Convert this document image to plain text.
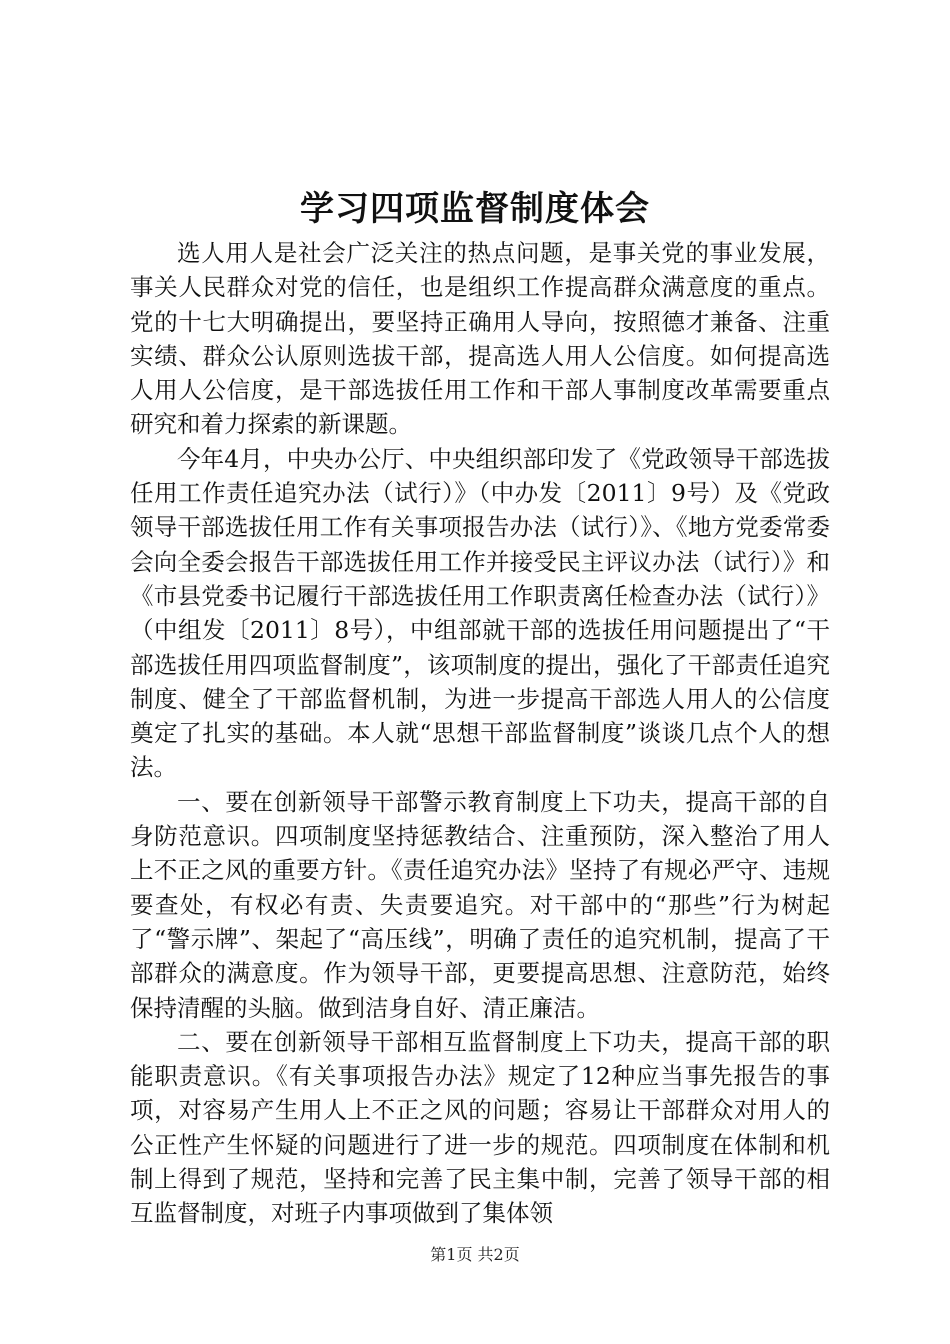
学习四项监督制度体会

选人用人是社会广泛关注的热点问题，是事关党的事业发展，事关人民群众对党的信任，也是组织工作提高群众满意度的重点。党的十七大明确提出，要坚持正确用人导向，按照德才兼备、注重实绩、群众公认原则选拔干部，提高选人用人公信度。如何提高选人用人公信度，是干部选拔任用工作和干部人事制度改革需要重点研究和着力探索的新课题。

今年4月，中央办公厅、中央组织部印发了《党政领导干部选拔任用工作责任追究办法（试行）》（中办发〔2011〕9号）及《党政领导干部选拔任用工作有关事项报告办法（试行）》、《地方党委常委会向全委会报告干部选拔任用工作并接受民主评议办法（试行）》和《市县党委书记履行干部选拔任用工作职责离任检查办法（试行）》（中组发〔2011〕8号），中组部就干部的选拔任用问题提出了“干部选拔任用四项监督制度”，该项制度的提出，强化了干部责任追究制度、健全了干部监督机制，为进一步提高干部选人用人的公信度奠定了扎实的基础。本人就“思想干部监督制度”谈谈几点个人的想法。

一、要在创新领导干部警示教育制度上下功夫，提高干部的自身防范意识。四项制度坚持惩教结合、注重预防，深入整治了用人上不正之风的重要方针。《责任追究办法》坚持了有规必严守、违规要查处，有权必有责、失责要追究。对干部中的“那些”行为树起了“警示牌”、架起了“高压线”，明确了责任的追究机制，提高了干部群众的满意度。作为领导干部，更要提高思想、注意防范，始终保持清醒的头脑。做到洁身自好、清正廉洁。

二、要在创新领导干部相互监督制度上下功夫，提高干部的职能职责意识。《有关事项报告办法》规定了12种应当事先报告的事项，对容易产生用人上不正之风的问题；容易让干部群众对用人的公正性产生怀疑的问题进行了进一步的规范。四项制度在体制和机制上得到了规范，坚持和完善了民主集中制，完善了领导干部的相互监督制度，对班子内事项做到了集体领

第1页 共2页
